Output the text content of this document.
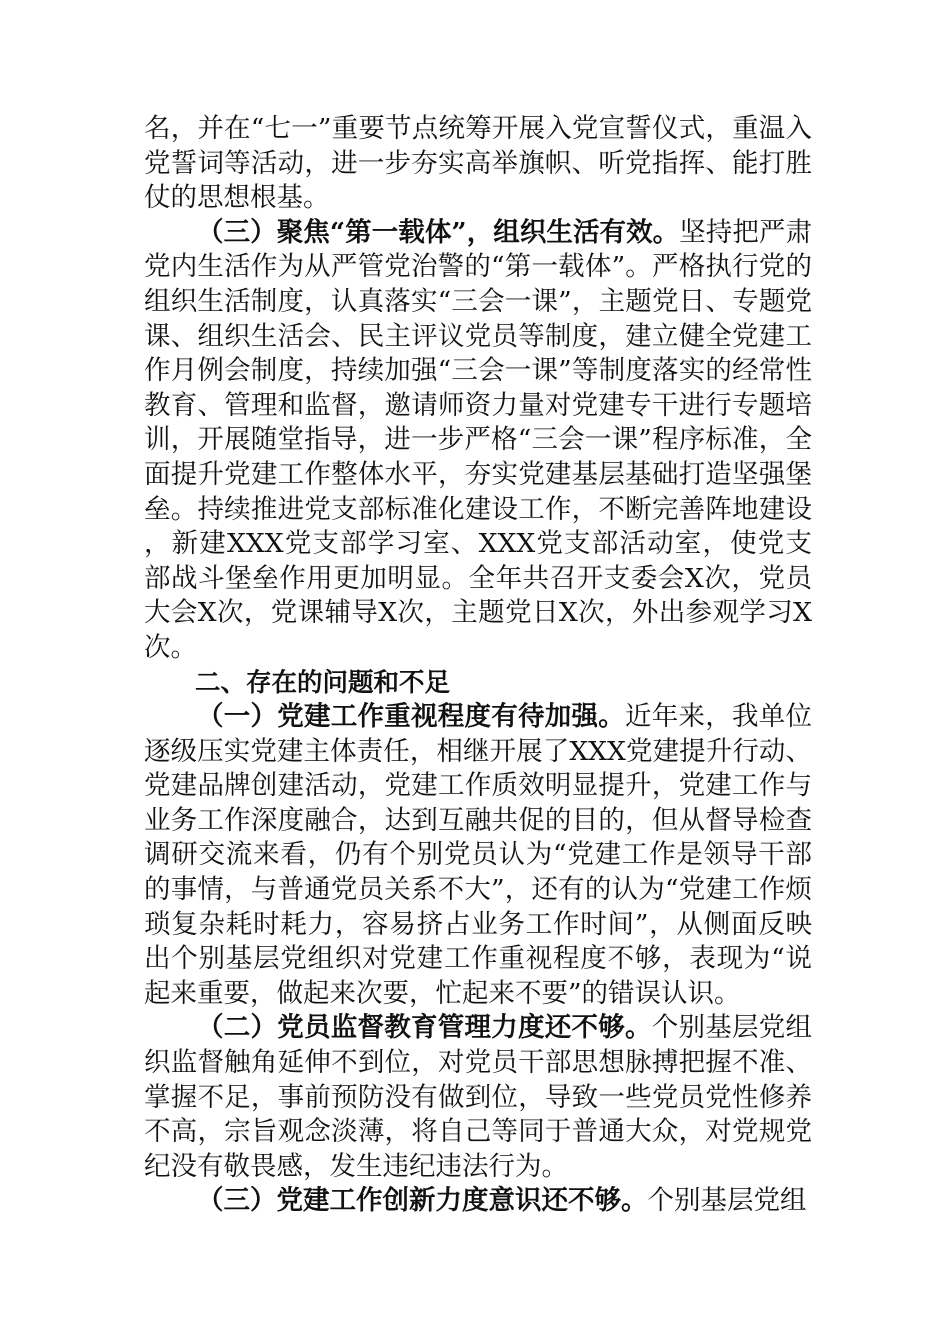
名，并在“七一”重要节点统筹开展入党宣誓仪式，重温入党誓词等活动，进一步夯实高举旗帜、听党指挥、能打胜仗的思想根基。

（三）聚焦“第一载体”，组织生活有效。坚持把严肃党内生活作为从严管党治警的“第一载体”。严格执行党的组织生活制度，认真落实“三会一课”，主题党日、专题党课、组织生活会、民主评议党员等制度，建立健全党建工作月例会制度，持续加强“三会一课”等制度落实的经常性教育、管理和监督，邀请师资力量对党建专干进行专题培训，开展随堂指导，进一步严格“三会一课”程序标准，全面提升党建工作整体水平，夯实党建基层基础打造坚强堡垒。持续推进党支部标准化建设工作，不断完善阵地建设，新建XXX党支部学习室、XXX党支部活动室，使党支部战斗堡垒作用更加明显。全年共召开支委会X次，党员大会X次，党课辅导X次，主题党日X次，外出参观学习X次。

二、存在的问题和不足

（一）党建工作重视程度有待加强。近年来，我单位逐级压实党建主体责任，相继开展了XXX党建提升行动、党建品牌创建活动，党建工作质效明显提升，党建工作与业务工作深度融合，达到互融共促的目的，但从督导检查调研交流来看，仍有个别党员认为“党建工作是领导干部的事情，与普通党员关系不大”，还有的认为“党建工作烦琐复杂耗时耗力，容易挤占业务工作时间”，从侧面反映出个别基层党组织对党建工作重视程度不够，表现为“说起来重要，做起来次要，忙起来不要”的错误认识。

（二）党员监督教育管理力度还不够。个别基层党组织监督触角延伸不到位，对党员干部思想脉搏把握不准、掌握不足，事前预防没有做到位，导致一些党员党性修养不高，宗旨观念淡薄，将自己等同于普通大众，对党规党纪没有敬畏感，发生违纪违法行为。

（三）党建工作创新力度意识还不够。个别基层党组
